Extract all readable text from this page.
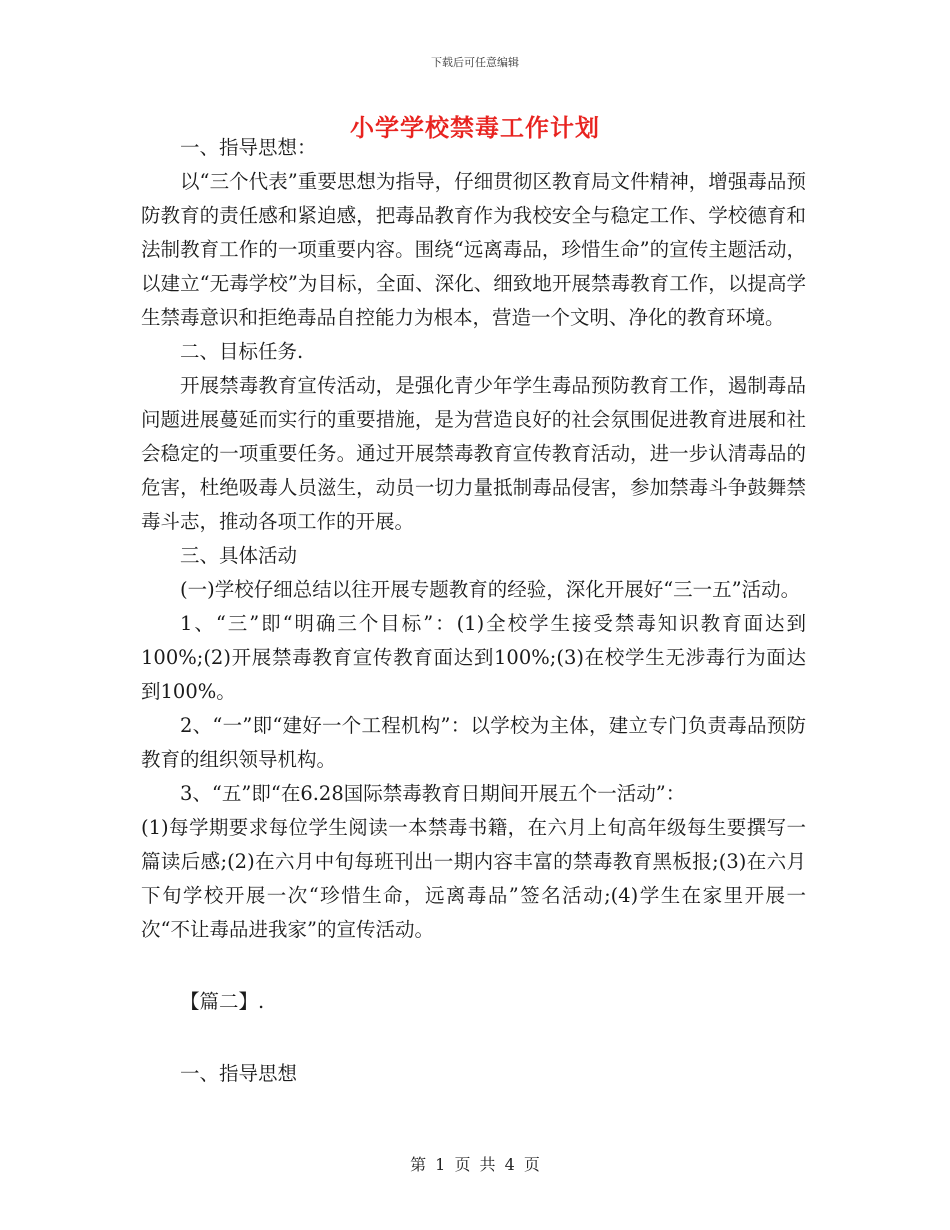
下载后可任意编辑
小学学校禁毒工作计划

一、指导思想：

以“三个代表”重要思想为指导，仔细贯彻区教育局文件精神，增强毒品预防教育的责任感和紧迫感，把毒品教育作为我校安全与稳定工作、学校德育和法制教育工作的一项重要内容。围绕“远离毒品，珍惜生命”的宣传主题活动，以建立“无毒学校”为目标，全面、深化、细致地开展禁毒教育工作，以提高学生禁毒意识和拒绝毒品自控能力为根本，营造一个文明、净化的教育环境。

二、目标任务.

开展禁毒教育宣传活动，是强化青少年学生毒品预防教育工作，遏制毒品问题进展蔓延而实行的重要措施，是为营造良好的社会氛围促进教育进展和社会稳定的一项重要任务。通过开展禁毒教育宣传教育活动，进一步认清毒品的危害，杜绝吸毒人员滋生，动员一切力量抵制毒品侵害，参加禁毒斗争鼓舞禁毒斗志，推动各项工作的开展。

三、具体活动

(一)学校仔细总结以往开展专题教育的经验，深化开展好“三一五”活动。

1、“三”即“明确三个目标”：(1)全校学生接受禁毒知识教育面达到100%;(2)开展禁毒教育宣传教育面达到100%;(3)在校学生无涉毒行为面达到100%。

2、“一”即“建好一个工程机构”：以学校为主体，建立专门负责毒品预防教育的组织领导机构。

3、“五”即“在6.28国际禁毒教育日期间开展五个一活动”：

(1)每学期要求每位学生阅读一本禁毒书籍，在六月上旬高年级每生要撰写一篇读后感;(2)在六月中旬每班刊出一期内容丰富的禁毒教育黑板报;(3)在六月下旬学校开展一次“珍惜生命，远离毒品”签名活动;(4)学生在家里开展一次“不让毒品进我家”的宣传活动。

【篇二】.

一、指导思想

第 1 页 共 4 页
